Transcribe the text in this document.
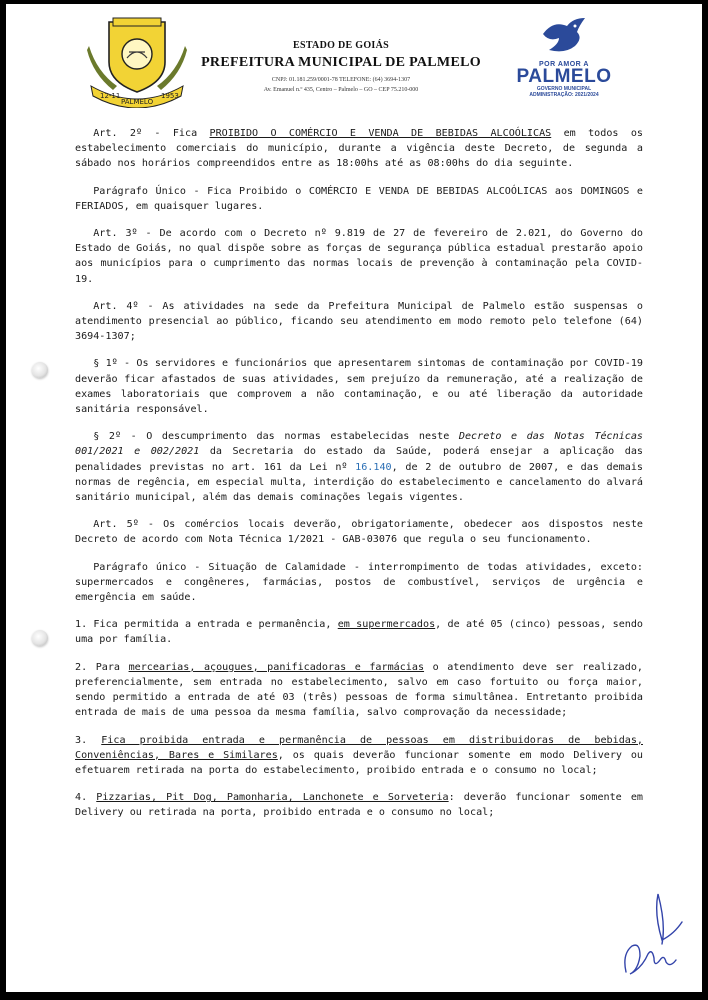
12-11
PALMELO
1953
ESTADO DE GOIÁS
PREFEITURA MUNICIPAL DE PALMELO
CNPJ: 01.181.259/0001-78 TELEFONE: (64) 3694-1307
Av. Emanuel n.º 435, Centro – Palmelo – GO – CEP 75.210-000
POR AMOR A
PALMELO
GOVERNO MUNICIPAL
ADMINISTRAÇÃO: 2021/2024

   Art. 2º - Fica PROIBIDO O COMÉRCIO E VENDA DE BEBIDAS ALCOÓLICAS em todos os estabelecimento comerciais do município, durante a vigência deste Decreto, de segunda a sábado nos horários compreendidos entre as 18:00hs até as 08:00hs do dia seguinte.

   Parágrafo Único - Fica Proibido o COMÉRCIO E VENDA DE BEBIDAS ALCOÓLICAS aos DOMINGOS e FERIADOS, em quaisquer lugares.

   Art. 3º - De acordo com o Decreto nº 9.819 de 27 de fevereiro de 2.021, do Governo do Estado de Goiás, no qual dispõe sobre as forças de segurança pública estadual prestarão apoio aos municípios para o cumprimento das normas locais de prevenção à contaminação pela COVID-19.

   Art. 4º - As atividades na sede da Prefeitura Municipal de Palmelo estão suspensas o atendimento presencial ao público, ficando seu atendimento em modo remoto pelo telefone (64) 3694-1307;

   § 1º - Os servidores e funcionários que apresentarem sintomas de contaminação por COVID-19 deverão ficar afastados de suas atividades, sem prejuízo da remuneração, até a realização de exames laboratoriais que comprovem a não contaminação, e ou até liberação da autoridade sanitária responsável.

   § 2º - O descumprimento das normas estabelecidas neste Decreto e das Notas Técnicas 001/2021 e 002/2021 da Secretaria do estado da Saúde, poderá ensejar a aplicação das penalidades previstas no art. 161 da Lei nº 16.140, de 2 de outubro de 2007, e das demais normas de regência, em especial multa, interdição do estabelecimento e cancelamento do alvará sanitário municipal, além das demais cominações legais vigentes.

   Art. 5º - Os comércios locais deverão, obrigatoriamente, obedecer aos dispostos neste Decreto de acordo com Nota Técnica 1/2021 - GAB-03076 que regula o seu funcionamento.

   Parágrafo único - Situação de Calamidade - interrompimento de todas atividades, exceto: supermercados e congêneres, farmácias, postos de combustível, serviços de urgência e emergência em saúde.

1. Fica permitida a entrada e permanência, em supermercados, de até 05 (cinco) pessoas, sendo uma por família.

2. Para mercearias, açougues, panificadoras e farmácias o atendimento deve ser realizado, preferencialmente, sem entrada no estabelecimento, salvo em caso fortuito ou força maior, sendo permitido a entrada de até 03 (três) pessoas de forma simultânea. Entretanto proibida entrada de mais de uma pessoa da mesma família, salvo comprovação da necessidade;

3. Fica proibida entrada e permanência de pessoas em distribuidoras de bebidas, Conveniências, Bares e Similares, os quais deverão funcionar somente em modo Delivery ou efetuarem retirada na porta do estabelecimento, proibido entrada e o consumo no local;

4. Pizzarias, Pit Dog, Pamonharia, Lanchonete e Sorveteria: deverão funcionar somente em Delivery ou retirada na porta, proibido entrada e o consumo no local;
